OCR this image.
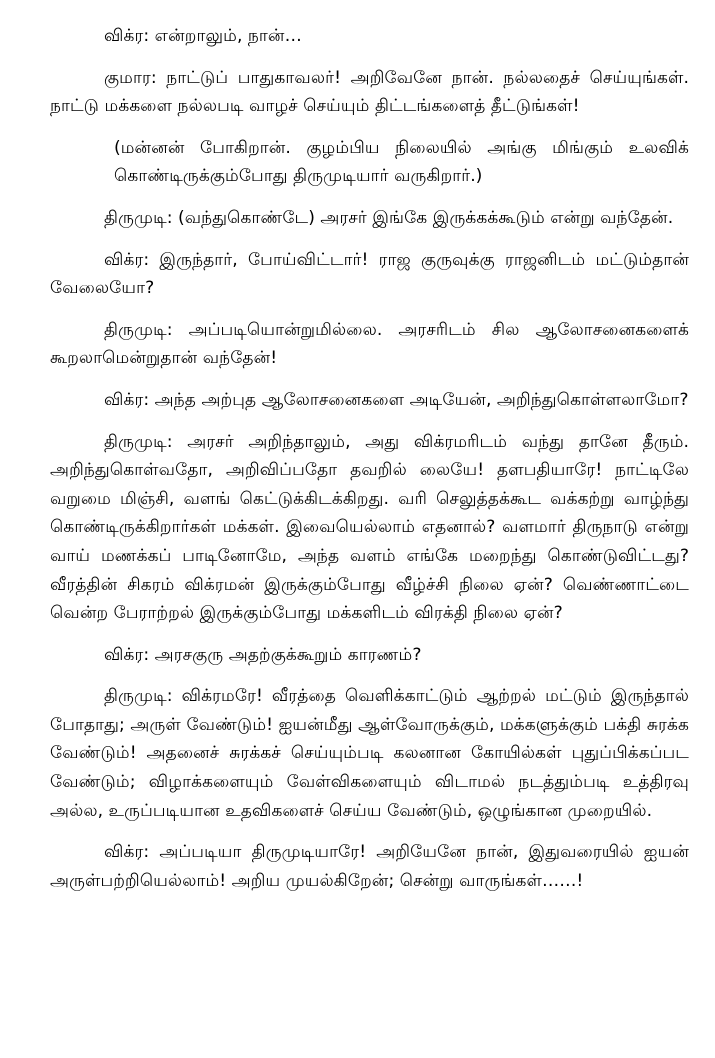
விக்ர: என்றாலும், நான்…

குமார: நாட்டுப் பாதுகாவலர்! அறிவேனே நான். நல்லதைச் செய்யுங்கள். நாட்டு மக்களை நல்லபடி வாழச் செய்யும் திட்டங்களைத் தீட்டுங்கள்!

(மன்னன் போகிறான். குழம்பிய நிலையில் அங்கு மிங்கும் உலவிக் கொண்டிருக்கும்போது திருமுடியார் வருகிறார்.)

திருமுடி: (வந்துகொண்டே) அரசர் இங்கே இருக்கக்கூடும் என்று வந்தேன்.

விக்ர: இருந்தார், போய்விட்டார்! ராஜ குருவுக்கு ராஜனிடம் மட்டும்தான் வேலையோ?

திருமுடி: அப்படியொன்றுமில்லை. அரசரிடம் சில ஆலோசனைகளைக் கூறலாமென்றுதான் வந்தேன்!

விக்ர: அந்த அற்புத ஆலோசனைகளை அடியேன், அறிந்துகொள்ளலாமோ?

திருமுடி: அரசர் அறிந்தாலும், அது விக்ரமரிடம் வந்து தானே தீரும். அறிந்துகொள்வதோ, அறிவிப்பதோ தவறில் லையே! தளபதியாரே! நாட்டிலே வறுமை மிஞ்சி, வளங் கெட்டுக்கிடக்கிறது. வரி செலுத்தக்கூட வக்கற்று வாழ்ந்து கொண்டிருக்கிறார்கள் மக்கள். இவையெல்லாம் எதனால்? வளமார் திருநாடு என்று வாய் மணக்கப் பாடினோமே, அந்த வளம் எங்கே மறைந்து கொண்டுவிட்டது? வீரத்தின் சிகரம் விக்ரமன் இருக்கும்போது வீழ்ச்சி நிலை ஏன்? வெண்ணாட்டை வென்ற பேராற்றல் இருக்கும்போது மக்களிடம் விரக்தி நிலை ஏன்?

விக்ர: அரசகுரு அதற்குக்கூறும் காரணம்?

திருமுடி: விக்ரமரே! வீரத்தை வெளிக்காட்டும் ஆற்றல் மட்டும் இருந்தால் போதாது; அருள் வேண்டும்! ஐயன்மீது ஆள்வோருக்கும், மக்களுக்கும் பக்தி சுரக்க வேண்டும்! அதனைச் சுரக்கச் செய்யும்படி கலனான கோயில்கள் புதுப்பிக்கப்பட வேண்டும்; விழாக்களையும் வேள்விகளையும் விடாமல் நடத்தும்படி உத்திரவு அல்ல, உருப்படியான உதவிகளைச் செய்ய வேண்டும், ஒழுங்கான முறையில்.

விக்ர: அப்படியா திருமுடியாரே! அறியேனே நான், இதுவரையில் ஐயன் அருள்பற்றியெல்லாம்! அறிய முயல்கிறேன்; சென்று வாருங்கள்……!
